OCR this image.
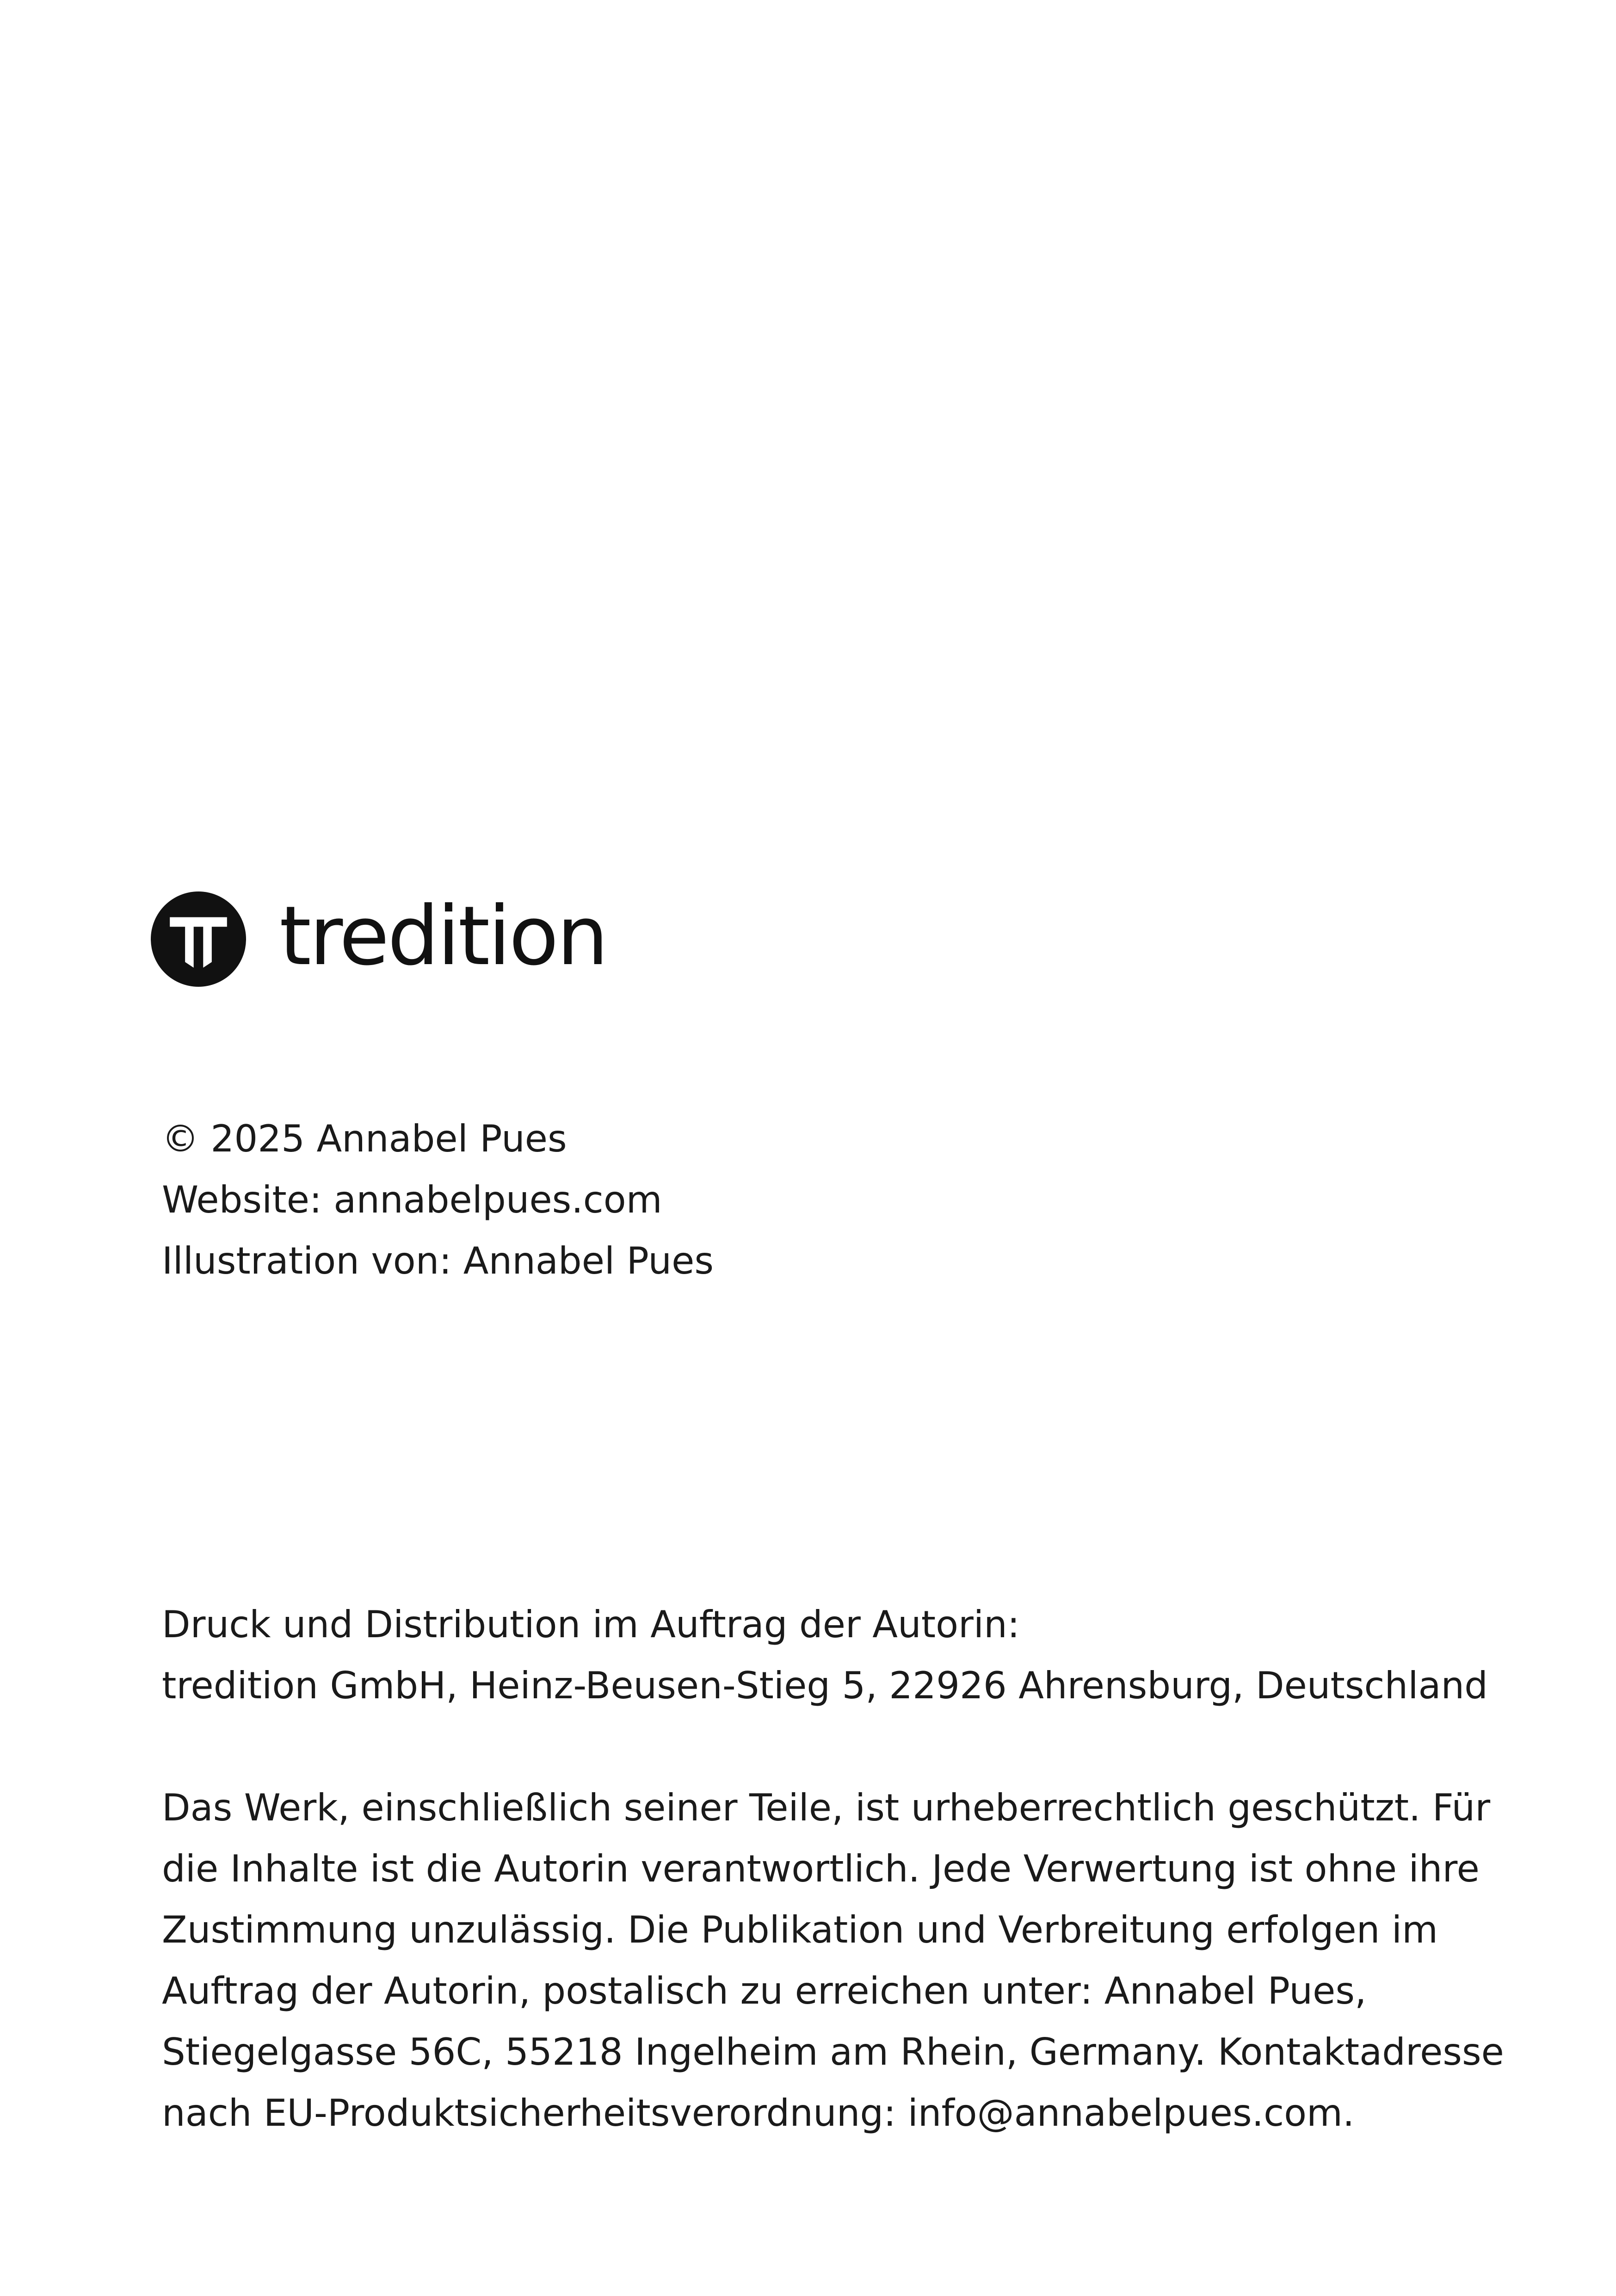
tredition

© 2025 Annabel Pues

Website: annabelpues.com

Illustration von: Annabel Pues

Druck und Distribution im Auftrag der Autorin:

tredition GmbH, Heinz-Beusen-Stieg 5, 22926 Ahrensburg, Deutschland

Das Werk, einschließlich seiner Teile, ist urheberrechtlich geschützt. Für

die Inhalte ist die Autorin verantwortlich. Jede Verwertung ist ohne ihre

Zustimmung unzulässig. Die Publikation und Verbreitung erfolgen im

Auftrag der Autorin, postalisch zu erreichen unter: Annabel Pues,

Stiegelgasse 56C, 55218 Ingelheim am Rhein, Germany. Kontaktadresse

nach EU-Produktsicherheitsverordnung: info@annabelpues.com.
